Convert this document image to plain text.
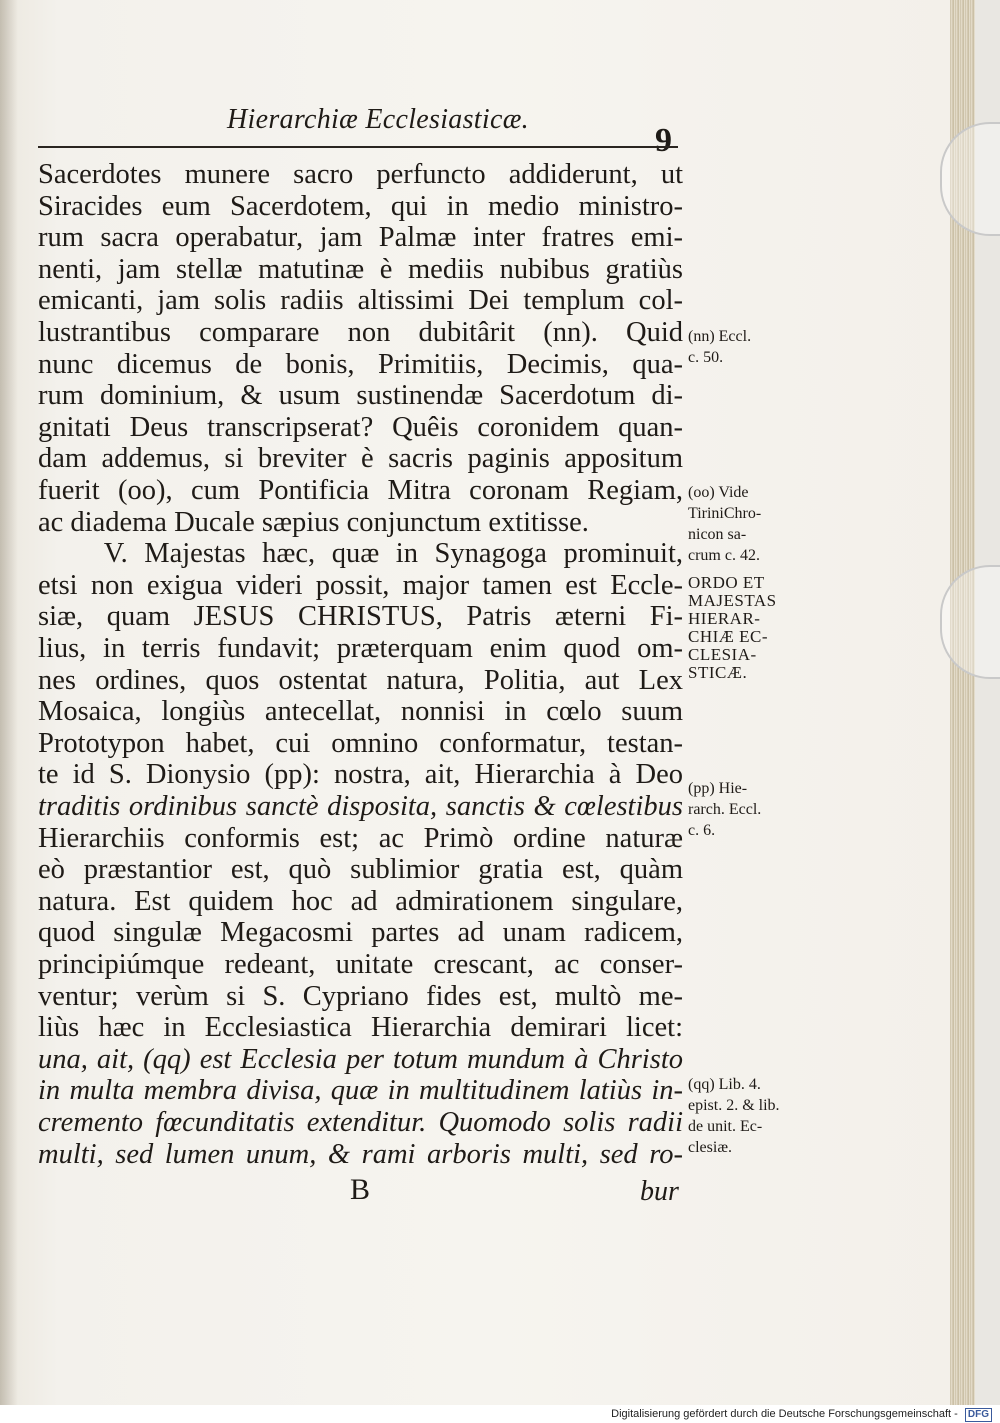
Hierarchiæ Ecclesiasticæ.
9
Sacerdotes munere sacro perfuncto addiderunt, ut
Siracides eum Sacerdotem, qui in medio ministro-
rum sacra operabatur, jam Palmæ inter fratres emi-
nenti, jam stellæ matutinæ è mediis nubibus gratiùs
emicanti, jam solis radiis altissimi Dei templum col-
lustrantibus comparare non dubitârit (nn). Quid
nunc dicemus de bonis, Primitiis, Decimis, qua-
rum dominium, & usum sustinendæ Sacerdotum di-
gnitati Deus transcripserat? Quêis coronidem quan-
dam addemus, si breviter è sacris paginis appositum
fuerit (oo), cum Pontificia Mitra coronam Regiam,
ac diadema Ducale sæpius conjunctum extitisse.
V. Majestas hæc, quæ in Synagoga prominuit,
etsi non exigua videri possit, major tamen est Eccle-
siæ, quam JESUS CHRISTUS, Patris æterni Fi-
lius, in terris fundavit; præterquam enim quod om-
nes ordines, quos ostentat natura, Politia, aut Lex
Mosaica, longiùs antecellat, nonnisi in cœlo suum
Prototypon habet, cui omnino conformatur, testan-
te id S. Dionysio (pp): nostra, ait, Hierarchia à Deo
traditis ordinibus sanctè disposita, sanctis & cœlestibus
Hierarchiis conformis est; ac Primò ordine naturæ
eò præstantior est, quò sublimior gratia est, quàm
natura. Est quidem hoc ad admirationem singulare,
quod singulæ Megacosmi partes ad unam radicem,
principiúmque redeant, unitate crescant, ac conser-
ventur; verùm si S. Cypriano fides est, multò me-
liùs hæc in Ecclesiastica Hierarchia demirari licet:
una, ait, (qq) est Ecclesia per totum mundum à Christo
in multa membra divisa, quæ in multitudinem latiùs in-
(nn) Eccl.
c. 50.
(oo) Vide
TiriniChro-
nicon sa-
crum c. 42.
ORDO ET
MAJESTAS
HIERAR-
CHIÆ EC-
CLESIA-
STICÆ.
(pp) Hie-
rarch. Eccl.
c. 6.
(qq) Lib. 4.
epist. 2. & lib.
de unit. Ec-
clesiæ.
B	bur
Digitalisierung gefördert durch die Deutsche Forschungsgemeinschaft - DFG
cremento fœcunditatis extenditur. Quomodo solis radii
multi, sed lumen unum, & rami arboris multi, sed ro-
